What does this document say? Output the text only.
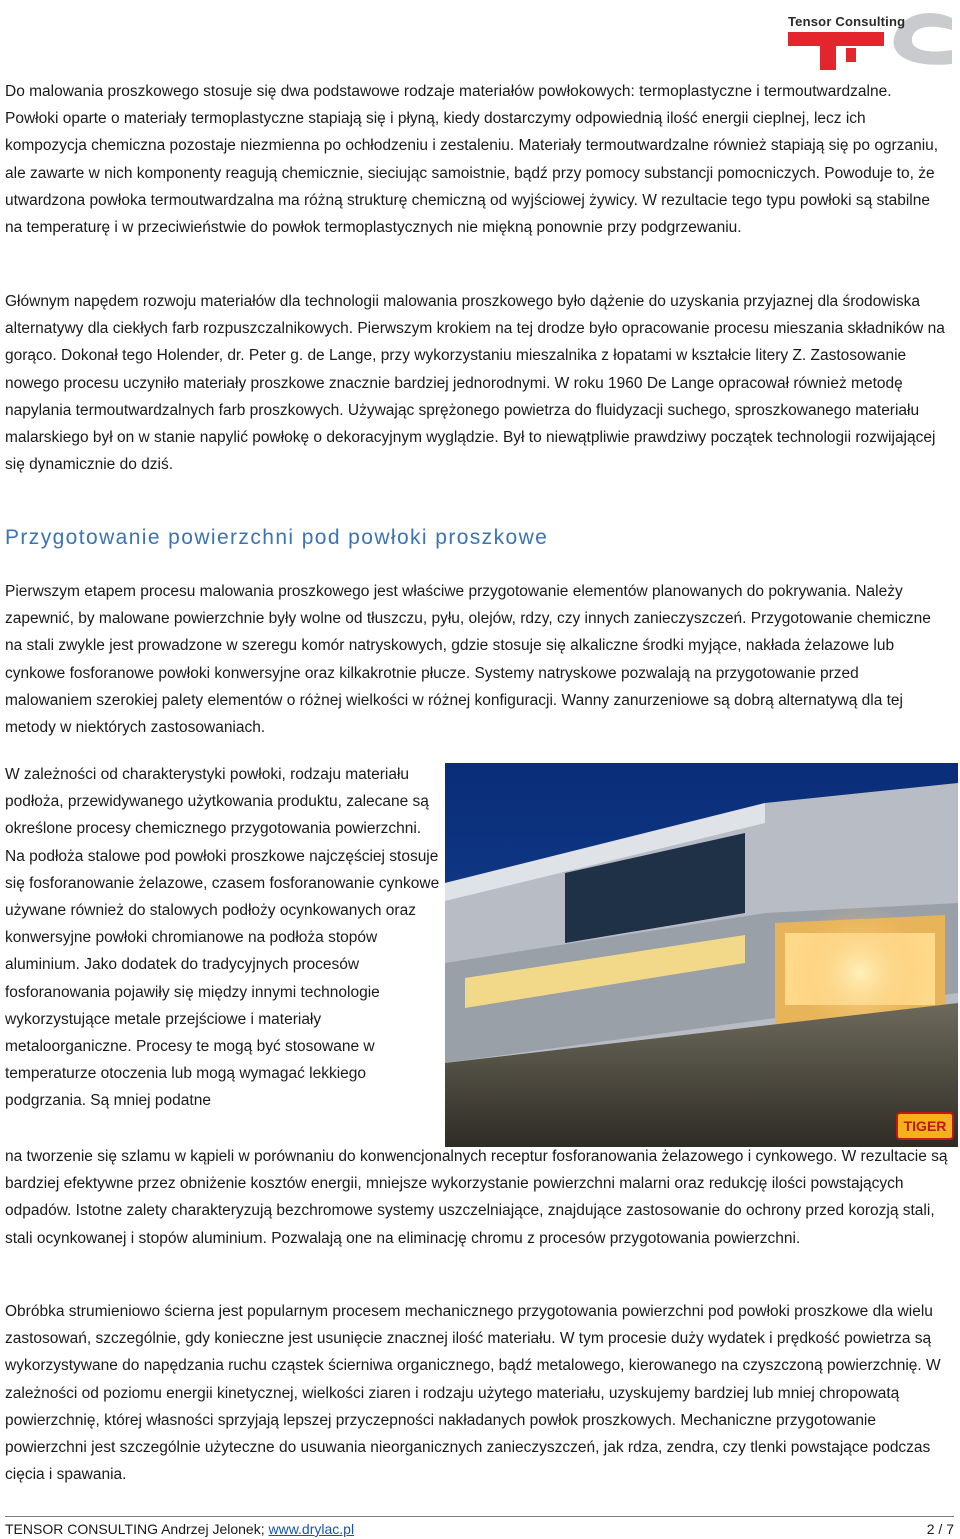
Tensor Consulting

Do malowania proszkowego stosuje się dwa podstawowe rodzaje materiałów powłokowych: termoplastyczne i termoutwardzalne. Powłoki oparte o materiały termoplastyczne stapiają się i płyną, kiedy dostarczymy odpowiednią ilość energii cieplnej, lecz ich kompozycja chemiczna pozostaje niezmienna po ochłodzeniu i zestaleniu. Materiały termoutwardzalne również stapiają się po ogrzaniu, ale zawarte w nich komponenty reagują chemicznie, sieciując samoistnie, bądź przy pomocy substancji pomocniczych. Powoduje to, że utwardzona powłoka termoutwardzalna ma różną strukturę chemiczną od wyjściowej żywicy. W rezultacie tego typu powłoki są stabilne na temperaturę i w przeciwieństwie do powłok termoplastycznych nie miękną ponownie przy podgrzewaniu.

Głównym napędem rozwoju materiałów dla technologii malowania proszkowego było dążenie do uzyskania przyjaznej dla środowiska alternatywy dla ciekłych farb rozpuszczalnikowych. Pierwszym krokiem na tej drodze było opracowanie procesu mieszania składników na gorąco. Dokonał tego Holender, dr. Peter g. de Lange, przy wykorzystaniu mieszalnika z łopatami w kształcie litery Z. Zastosowanie nowego procesu uczyniło materiały proszkowe znacznie bardziej jednorodnymi. W roku 1960 De Lange opracował również metodę napylania termoutwardzalnych farb proszkowych. Używając sprężonego powietrza do fluidyzacji suchego, sproszkowanego materiału malarskiego był on w stanie napylić powłokę o dekoracyjnym wyglądzie. Był to niewątpliwie prawdziwy początek technologii rozwijającej się dynamicznie do dziś.

Przygotowanie powierzchni pod powłoki proszkowe

Pierwszym etapem procesu malowania proszkowego jest właściwe przygotowanie elementów planowanych do pokrywania. Należy zapewnić, by malowane powierzchnie były wolne od tłuszczu, pyłu, olejów, rdzy, czy innych zanieczyszczeń. Przygotowanie chemiczne na stali zwykle jest prowadzone w szeregu komór natryskowych, gdzie stosuje się alkaliczne środki myjące, nakłada żelazowe lub cynkowe fosforanowe powłoki konwersyjne oraz kilkakrotnie płucze. Systemy natryskowe pozwalają na przygotowanie przed malowaniem szerokiej palety elementów o różnej wielkości w różnej konfiguracji. Wanny zanurzeniowe są dobrą alternatywą dla tej metody w niektórych zastosowaniach.

W zależności od charakterystyki powłoki, rodzaju materiału podłoża, przewidywanego użytkowania produktu, zalecane są określone procesy chemicznego przygotowania powierzchni. Na podłoża stalowe pod powłoki proszkowe najczęściej stosuje się fosforanowanie żelazowe, czasem fosforanowanie cynkowe używane również do stalowych podłoży ocynkowanych oraz konwersyjne powłoki chromianowe na podłoża stopów aluminium. Jako dodatek do tradycyjnych procesów fosforanowania pojawiły się między innymi technologie wykorzystujące metale przejściowe i materiały metaloorganiczne. Procesy te mogą być stosowane w temperaturze otoczenia lub mogą wymagać lekkiego podgrzania. Są mniej podatne

TIGER

na tworzenie się szlamu w kąpieli w porównaniu do konwencjonalnych receptur fosforanowania żelazowego i cynkowego. W rezultacie są bardziej efektywne przez obniżenie kosztów energii, mniejsze wykorzystanie powierzchni malarni oraz redukcję ilości powstających odpadów. Istotne zalety charakteryzują bezchromowe systemy uszczelniające, znajdujące zastosowanie do ochrony przed korozją stali, stali ocynkowanej i stopów aluminium. Pozwalają one na eliminację chromu z procesów przygotowania powierzchni.

Obróbka strumieniowo ścierna jest popularnym procesem mechanicznego przygotowania powierzchni pod powłoki proszkowe dla wielu zastosowań, szczególnie, gdy konieczne jest usunięcie znacznej ilość materiału. W tym procesie duży wydatek i prędkość powietrza są wykorzystywane do napędzania ruchu cząstek ścierniwa organicznego, bądź metalowego, kierowanego na czyszczoną powierzchnię. W zależności od poziomu energii kinetycznej, wielkości ziaren i rodzaju użytego materiału, uzyskujemy bardziej lub mniej chropowatą powierzchnię, której własności sprzyjają lepszej przyczepności nakładanych powłok proszkowych. Mechaniczne przygotowanie powierzchni jest szczególnie użyteczne do usuwania nieorganicznych zanieczyszczeń, jak rdza, zendra, czy tlenki powstające podczas cięcia i spawania.

TENSOR CONSULTING Andrzej Jelonek; www.drylac.pl	2 / 7
